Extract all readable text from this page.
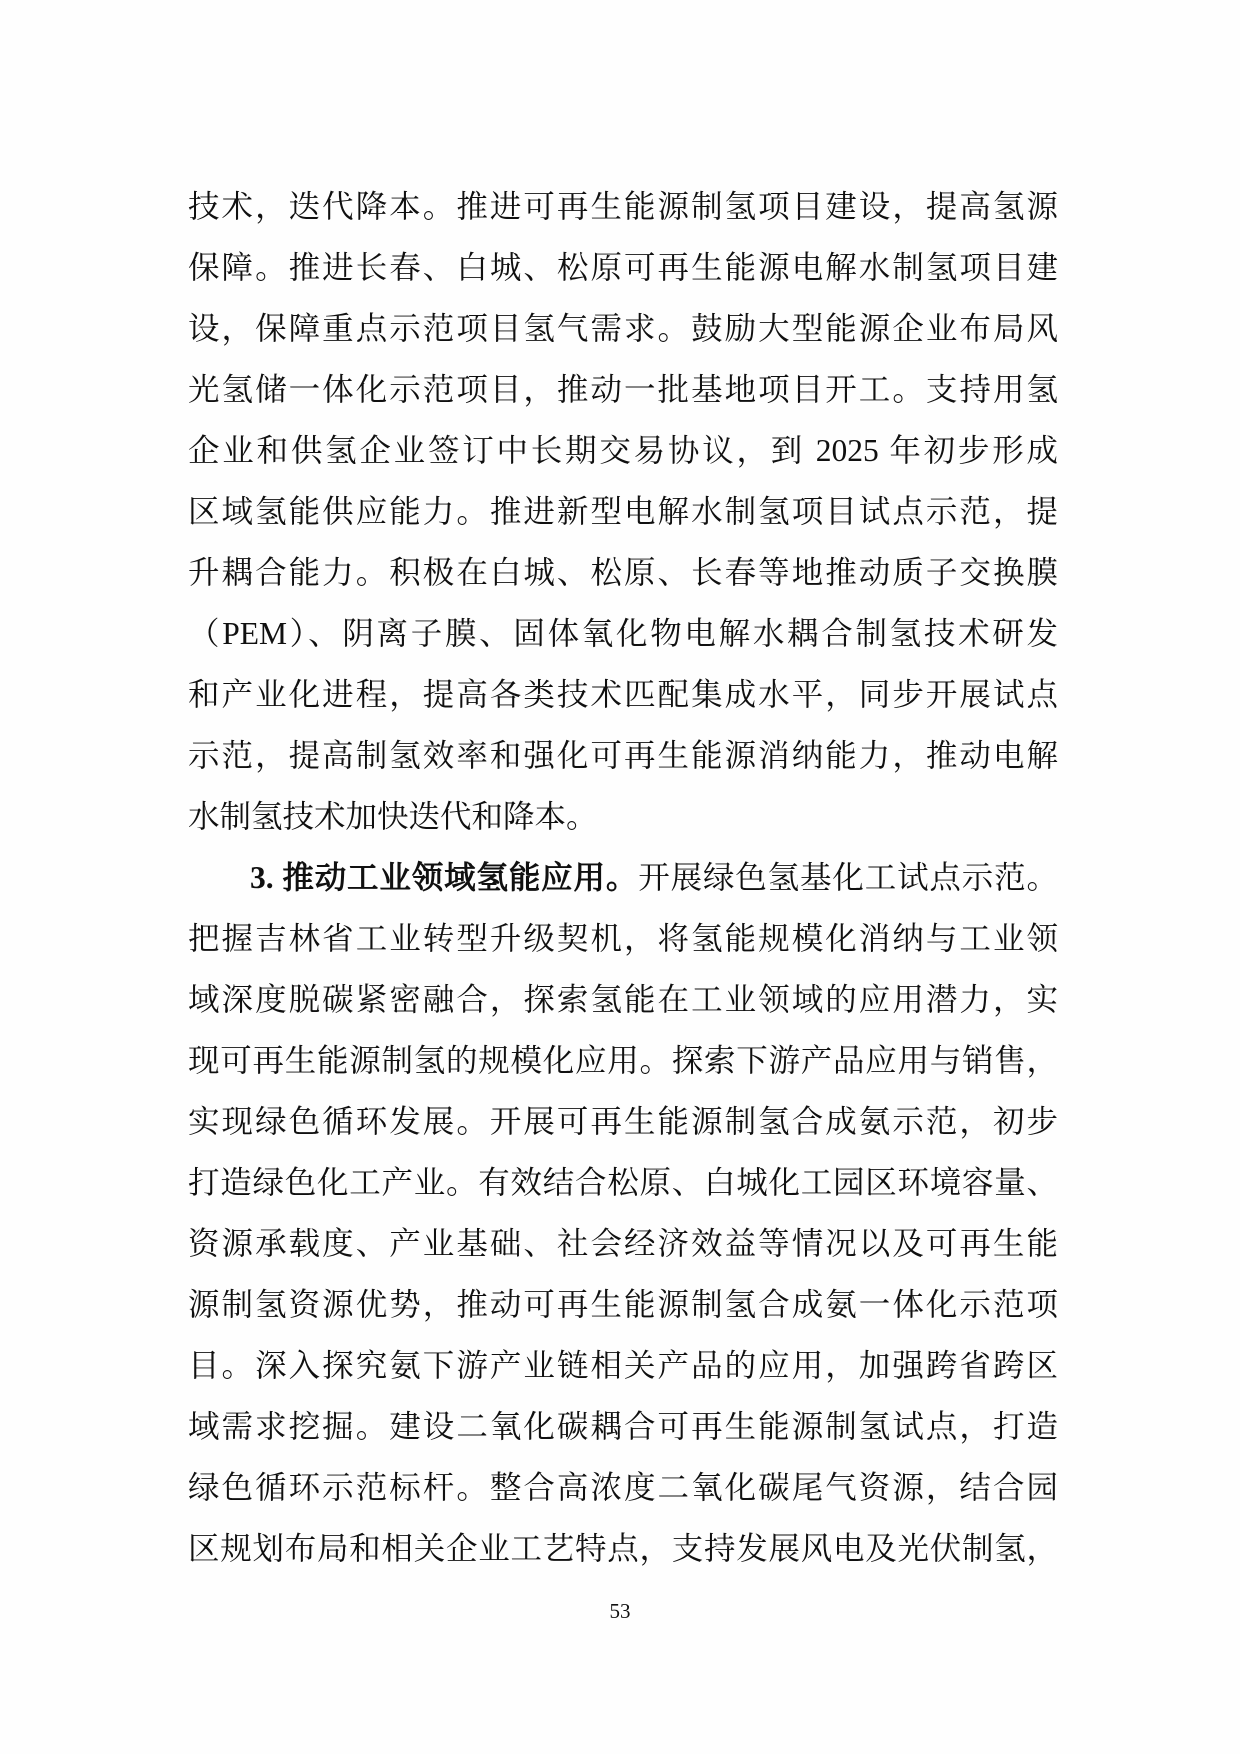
技术，迭代降本。推进可再生能源制氢项目建设，提高氢源
保障。推进长春、白城、松原可再生能源电解水制氢项目建
设，保障重点示范项目氢气需求。鼓励大型能源企业布局风
光氢储一体化示范项目，推动一批基地项目开工。支持用氢
企业和供氢企业签订中长期交易协议，到 2025 年初步形成
区域氢能供应能力。推进新型电解水制氢项目试点示范，提
升耦合能力。积极在白城、松原、长春等地推动质子交换膜
（PEM）、阴离子膜、固体氧化物电解水耦合制氢技术研发
和产业化进程，提高各类技术匹配集成水平，同步开展试点
示范，提高制氢效率和强化可再生能源消纳能力，推动电解
水制氢技术加快迭代和降本。
3. 推动工业领域氢能应用。开展绿色氢基化工试点示范。
把握吉林省工业转型升级契机，将氢能规模化消纳与工业领
域深度脱碳紧密融合，探索氢能在工业领域的应用潜力，实
现可再生能源制氢的规模化应用。探索下游产品应用与销售，
实现绿色循环发展。开展可再生能源制氢合成氨示范，初步
打造绿色化工产业。有效结合松原、白城化工园区环境容量、
资源承载度、产业基础、社会经济效益等情况以及可再生能
源制氢资源优势，推动可再生能源制氢合成氨一体化示范项
目。深入探究氨下游产业链相关产品的应用，加强跨省跨区
域需求挖掘。建设二氧化碳耦合可再生能源制氢试点，打造
绿色循环示范标杆。整合高浓度二氧化碳尾气资源，结合园
区规划布局和相关企业工艺特点，支持发展风电及光伏制氢，
53
